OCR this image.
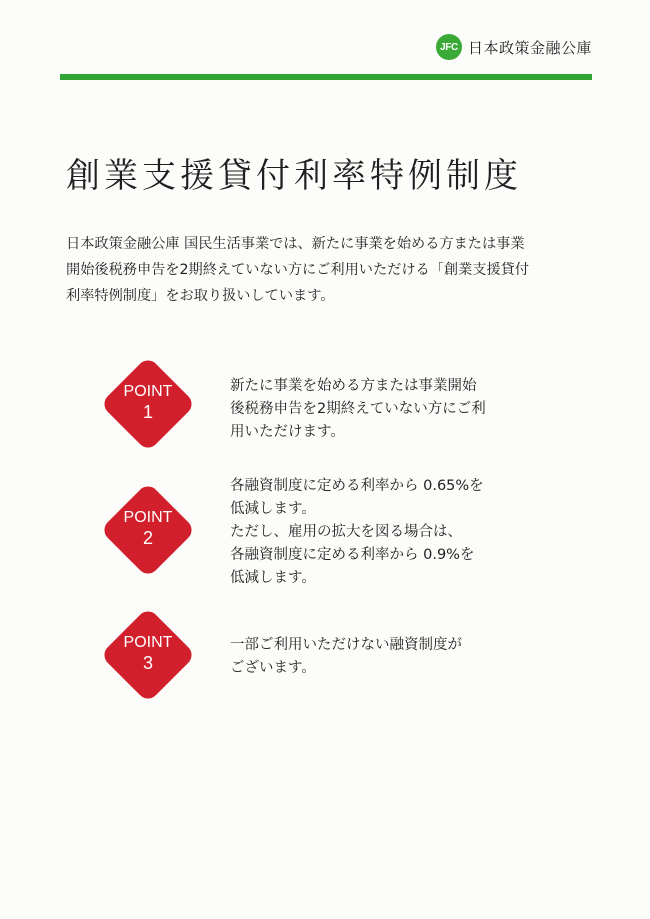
JFC 日本政策金融公庫
創業支援貸付利率特例制度

日本政策金融公庫 国民生活事業では、新たに事業を始める方または事業
開始後税務申告を2期終えていない方にご利用いただける「創業支援貸付
利率特例制度」をお取り扱いしています。

POINT
1

新たに事業を始める方または事業開始
後税務申告を2期終えていない方にご利
用いただけます。

POINT
2

各融資制度に定める利率から 0.65%を
低減します。
ただし、雇用の拡大を図る場合は、
各融資制度に定める利率から 0.9%を
低減します。

POINT
3

一部ご利用いただけない融資制度が
ございます。
